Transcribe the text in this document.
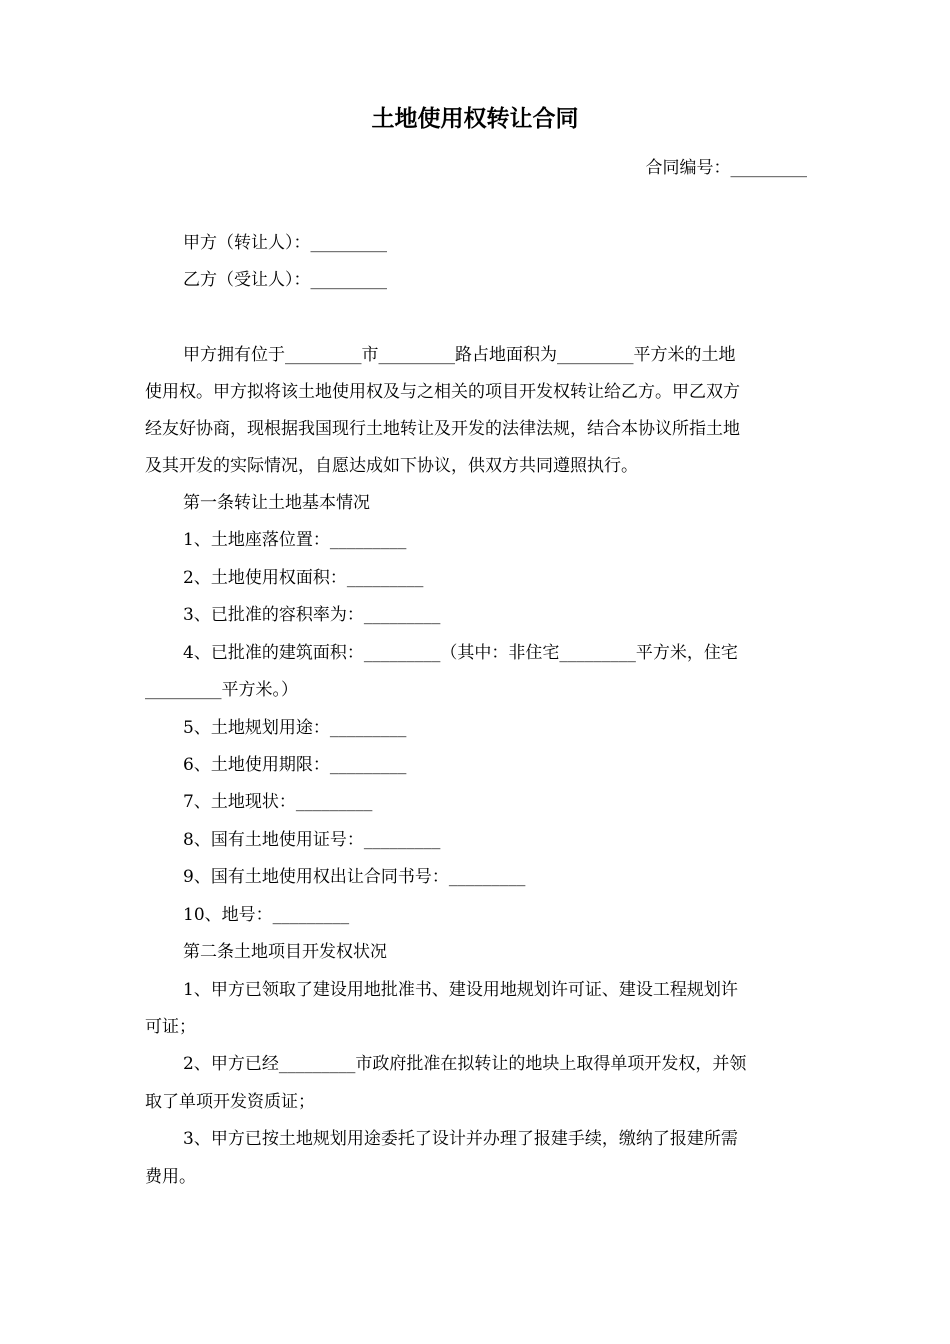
土地使用权转让合同
合同编号：_________
甲方（转让人）：_________
乙方（受让人）：_________
甲方拥有位于_________市_________路占地面积为_________平方米的土地
使用权。甲方拟将该土地使用权及与之相关的项目开发权转让给乙方。甲乙双方
经友好协商，现根据我国现行土地转让及开发的法律法规，结合本协议所指土地
及其开发的实际情况，自愿达成如下协议，供双方共同遵照执行。
第一条转让土地基本情况
1、土地座落位置：_________
2、土地使用权面积：_________
3、已批准的容积率为：_________
4、已批准的建筑面积：_________（其中：非住宅_________平方米，住宅
_________平方米。）
5、土地规划用途：_________
6、土地使用期限：_________
7、土地现状：_________
8、国有土地使用证号：_________
9、国有土地使用权出让合同书号：_________
10、地号：_________
第二条土地项目开发权状况
1、甲方已领取了建设用地批准书、建设用地规划许可证、建设工程规划许
可证；
2、甲方已经_________市政府批准在拟转让的地块上取得单项开发权，并领
取了单项开发资质证；
3、甲方已按土地规划用途委托了设计并办理了报建手续，缴纳了报建所需
费用。
